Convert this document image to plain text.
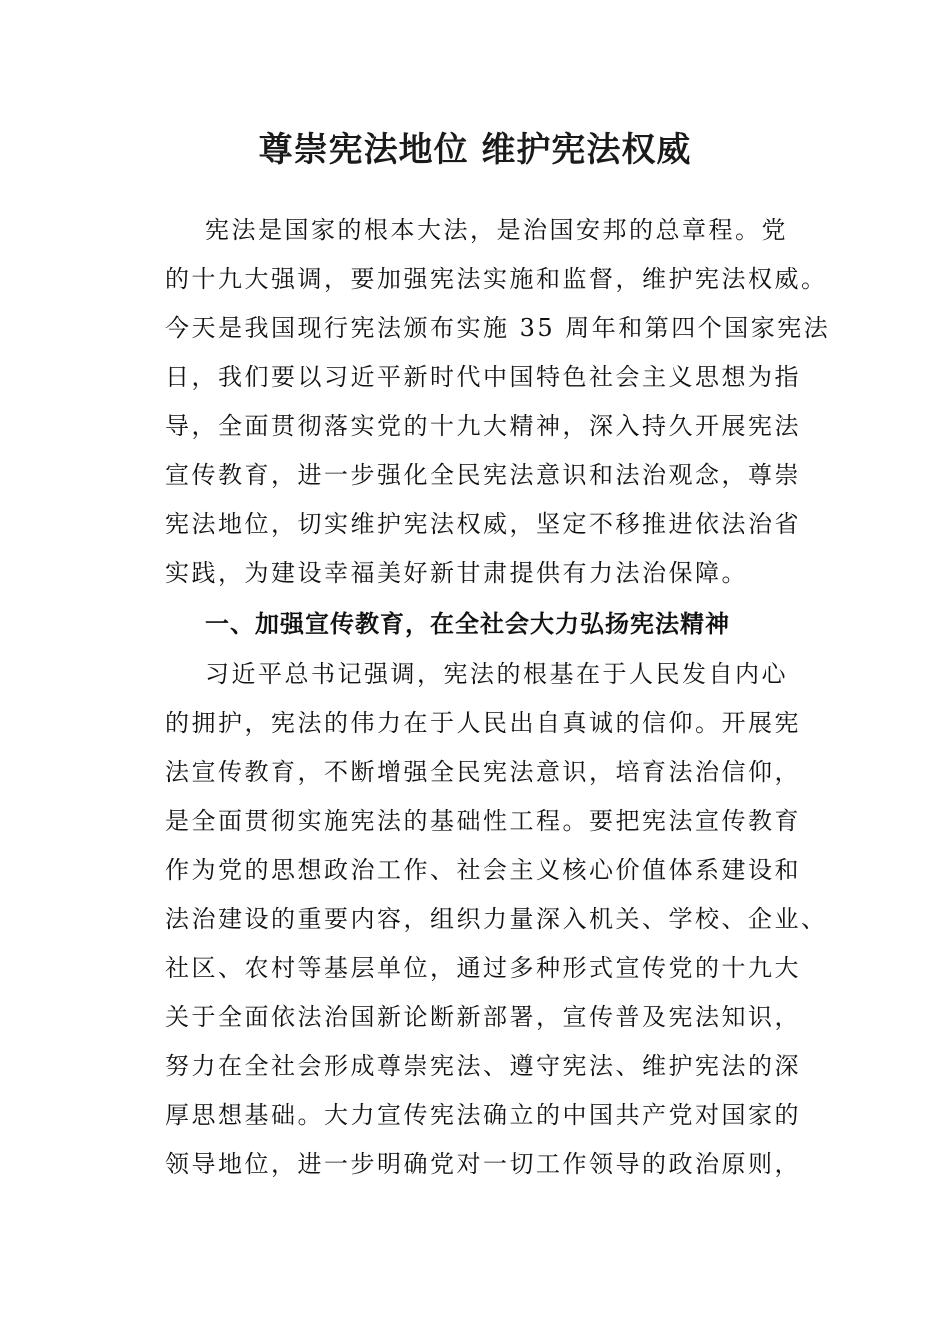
尊崇宪法地位 维护宪法权威
宪法是国家的根本大法，是治国安邦的总章程。党
的十九大强调，要加强宪法实施和监督，维护宪法权威。
今天是我国现行宪法颁布实施 35 周年和第四个国家宪法
日，我们要以习近平新时代中国特色社会主义思想为指
导，全面贯彻落实党的十九大精神，深入持久开展宪法
宣传教育，进一步强化全民宪法意识和法治观念，尊崇
宪法地位，切实维护宪法权威，坚定不移推进依法治省
实践，为建设幸福美好新甘肃提供有力法治保障。
一、加强宣传教育，在全社会大力弘扬宪法精神
习近平总书记强调，宪法的根基在于人民发自内心
的拥护，宪法的伟力在于人民出自真诚的信仰。开展宪
法宣传教育，不断增强全民宪法意识，培育法治信仰，
是全面贯彻实施宪法的基础性工程。要把宪法宣传教育
作为党的思想政治工作、社会主义核心价值体系建设和
法治建设的重要内容，组织力量深入机关、学校、企业、
社区、农村等基层单位，通过多种形式宣传党的十九大
关于全面依法治国新论断新部署，宣传普及宪法知识，
努力在全社会形成尊崇宪法、遵守宪法、维护宪法的深
厚思想基础。大力宣传宪法确立的中国共产党对国家的
领导地位，进一步明确党对一切工作领导的政治原则，
